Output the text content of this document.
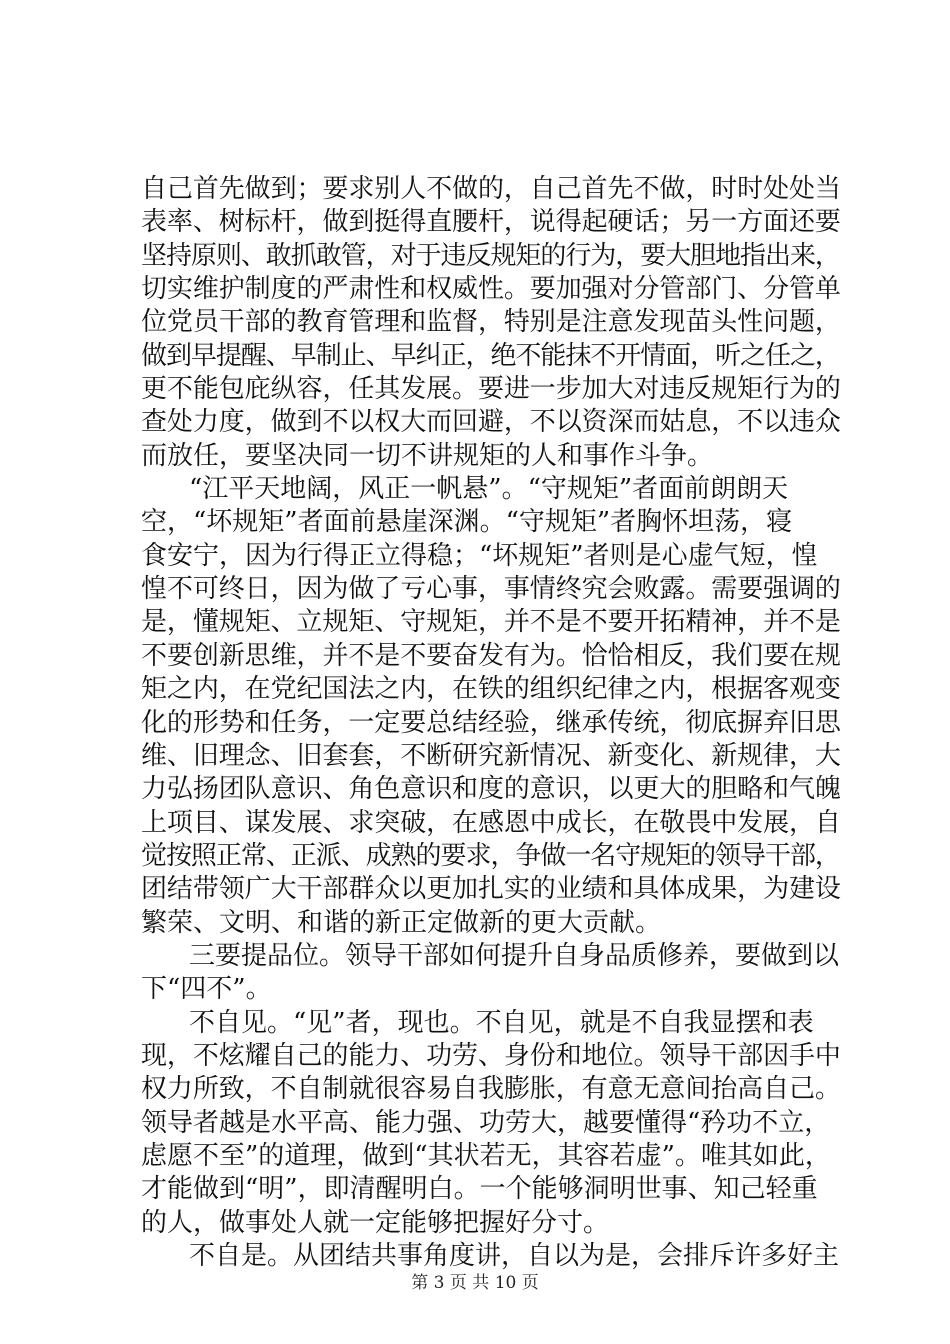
自己首先做到；要求别人不做的，自己首先不做，时时处处当
表率、树标杆，做到挺得直腰杆，说得起硬话；另一方面还要
坚持原则、敢抓敢管，对于违反规矩的行为，要大胆地指出来，
切实维护制度的严肃性和权威性。要加强对分管部门、分管单
位党员干部的教育管理和监督，特别是注意发现苗头性问题，
做到早提醒、早制止、早纠正，绝不能抹不开情面，听之任之，
更不能包庇纵容，任其发展。要进一步加大对违反规矩行为的
查处力度，做到不以权大而回避，不以资深而姑息，不以违众
而放任，要坚决同一切不讲规矩的人和事作斗争。
“江平天地阔，风正一帆悬”。“守规矩”者面前朗朗天
空，“坏规矩”者面前悬崖深渊。“守规矩”者胸怀坦荡，寝
食安宁，因为行得正立得稳；“坏规矩”者则是心虚气短，惶
惶不可终日，因为做了亏心事，事情终究会败露。需要强调的
是，懂规矩、立规矩、守规矩，并不是不要开拓精神，并不是
不要创新思维，并不是不要奋发有为。恰恰相反，我们要在规
矩之内，在党纪国法之内，在铁的组织纪律之内，根据客观变
化的形势和任务，一定要总结经验，继承传统，彻底摒弃旧思
维、旧理念、旧套套，不断研究新情况、新变化、新规律，大
力弘扬团队意识、角色意识和度的意识，以更大的胆略和气魄
上项目、谋发展、求突破，在感恩中成长，在敬畏中发展，自
觉按照正常、正派、成熟的要求，争做一名守规矩的领导干部，
团结带领广大干部群众以更加扎实的业绩和具体成果，为建设
繁荣、文明、和谐的新正定做新的更大贡献。
三要提品位。领导干部如何提升自身品质修养，要做到以
下“四不”。
不自见。“见”者，现也。不自见，就是不自我显摆和表
现，不炫耀自己的能力、功劳、身份和地位。领导干部因手中
权力所致，不自制就很容易自我膨胀，有意无意间抬高自己。
领导者越是水平高、能力强、功劳大，越要懂得“矜功不立，
虑愿不至”的道理，做到“其状若无，其容若虚”。唯其如此，
才能做到“明”，即清醒明白。一个能够洞明世事、知己轻重
的人，做事处人就一定能够把握好分寸。
不自是。从团结共事角度讲，自以为是，会排斥许多好主
第 3 页 共 10 页
